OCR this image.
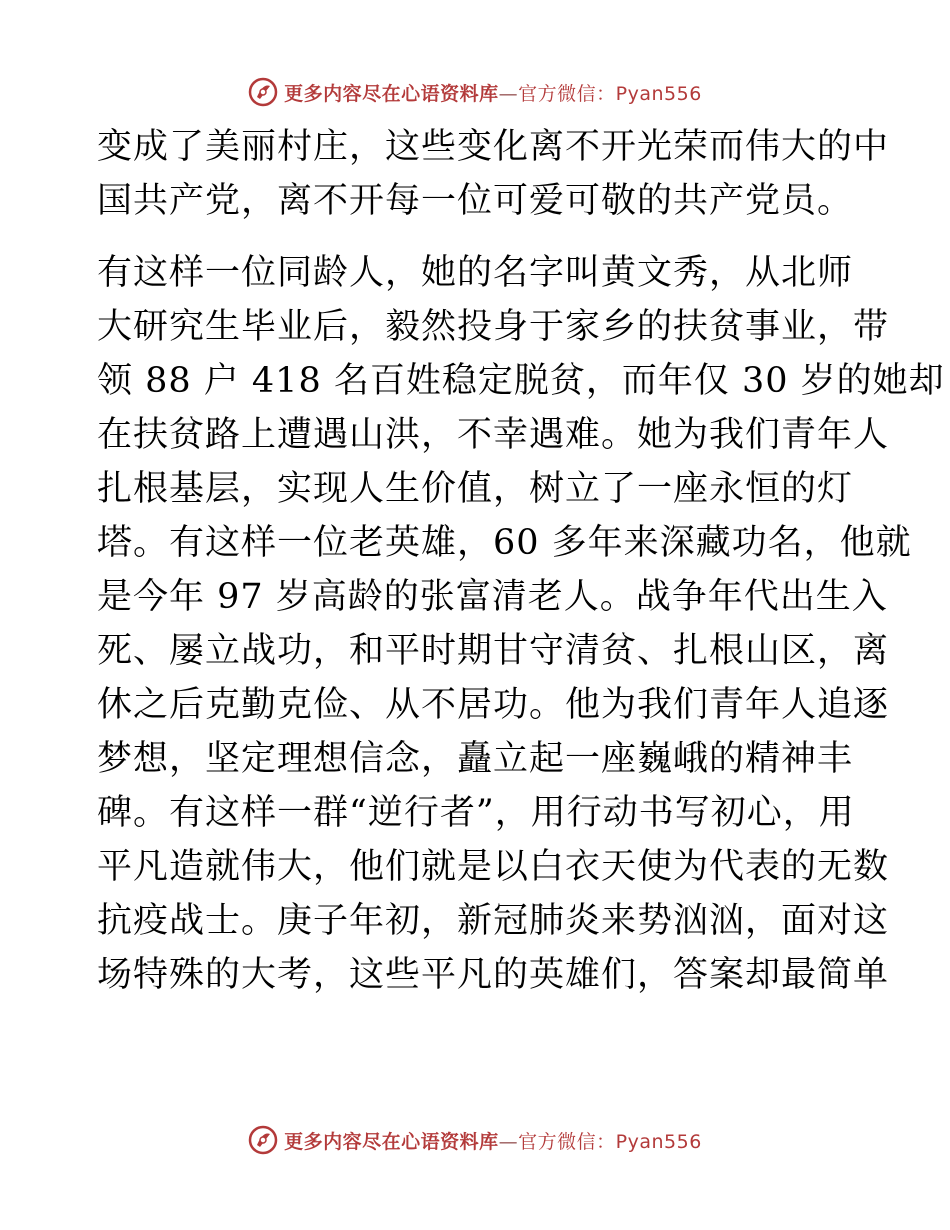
更多内容尽在心语资料库—官方微信：Pyan556
变成了美丽村庄，这些变化离不开光荣而伟大的中
国共产党，离不开每一位可爱可敬的共产党员。
有这样一位同龄人，她的名字叫黄文秀，从北师
大研究生毕业后，毅然投身于家乡的扶贫事业，带
领 88 户 418 名百姓稳定脱贫，而年仅 30 岁的她却
在扶贫路上遭遇山洪，不幸遇难。她为我们青年人
扎根基层，实现人生价值，树立了一座永恒的灯
塔。有这样一位老英雄，60 多年来深藏功名，他就
是今年 97 岁高龄的张富清老人。战争年代出生入
死、屡立战功，和平时期甘守清贫、扎根山区，离
休之后克勤克俭、从不居功。他为我们青年人追逐
梦想，坚定理想信念，矗立起一座巍峨的精神丰
碑。有这样一群“逆行者”，用行动书写初心，用
平凡造就伟大，他们就是以白衣天使为代表的无数
抗疫战士。庚子年初，新冠肺炎来势汹汹，面对这
场特殊的大考，这些平凡的英雄们，答案却最简单
更多内容尽在心语资料库—官方微信：Pyan556
